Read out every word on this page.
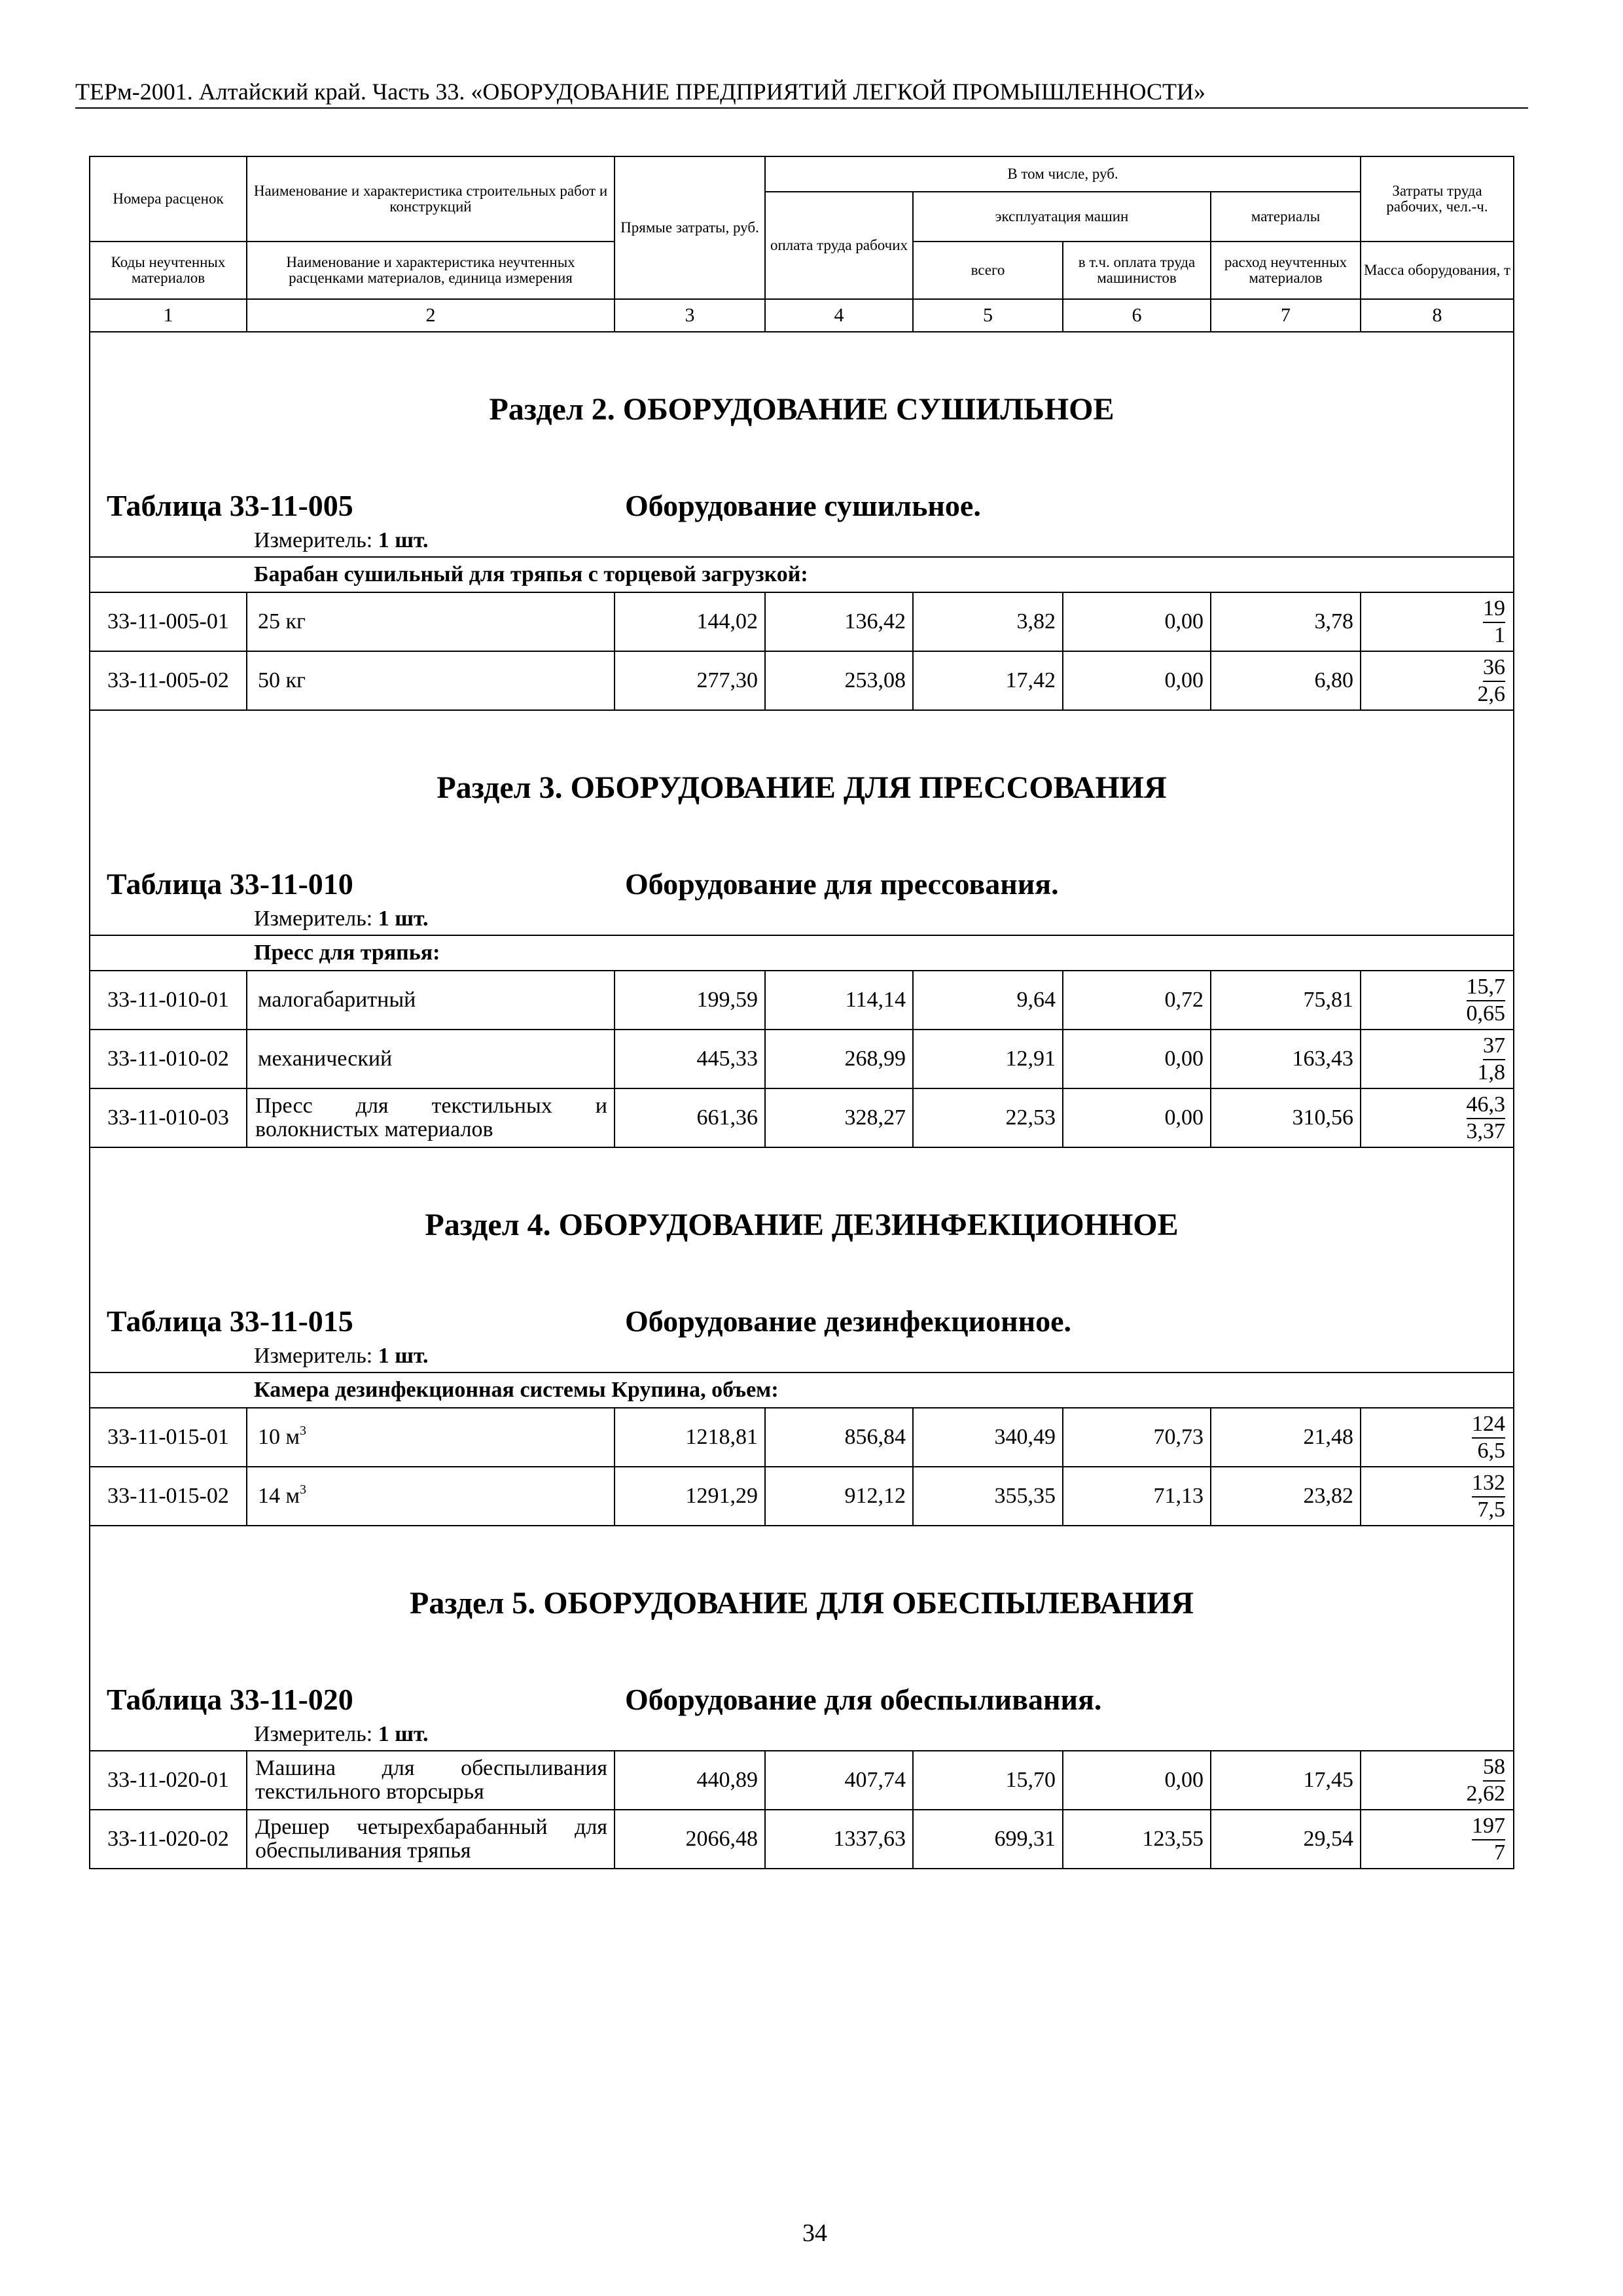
ТЕРм-2001. Алтайский край. Часть 33. «ОБОРУДОВАНИЕ ПРЕДПРИЯТИЙ ЛЕГКОЙ ПРОМЫШЛЕННОСТИ»
Номера расценок	Наименование и характеристика строительных работ и конструкций	Прямые затраты, руб.	В том числе, руб.				Затраты труда рабочих, чел.-ч.
			оплата труда рабочих	эксплуатация машин		материалы	

Коды неучтенных материалов	Наименование и характеристика неучтенных расценками материалов, единица измерения			всего	в т.ч. оплата труда машинистов	расход неучтенных материалов	Масса оборудования, т

1	2	3	4	5	6	7	8

Раздел 2. ОБОРУДОВАНИЕ СУШИЛЬНОЕ
Таблица 33-11-005 Оборудование сушильное.
Измеритель: 1 шт.							

Барабан сушильный для тряпья с торцевой загрузкой:							
33-11-005-01	25 кг	144,02	136,42	3,82	0,00	3,78	19
1

33-11-005-02	50 кг	277,30	253,08	17,42	0,00	6,80	36
2,6

Раздел 3. ОБОРУДОВАНИЕ ДЛЯ ПРЕССОВАНИЯ
Таблица 33-11-010 Оборудование для прессования.
Измеритель: 1 шт.							

Пресс для тряпья:							
33-11-010-01	малогабаритный	199,59	114,14	9,64	0,72	75,81	15,7
0,65

33-11-010-02	механический	445,33	268,99	12,91	0,00	163,43	37
1,8

33-11-010-03	Пресс для текстильных и волокнистых материалов	661,36	328,27	22,53	0,00	310,56	46,3
3,37

Раздел 4. ОБОРУДОВАНИЕ ДЕЗИНФЕКЦИОННОЕ
Таблица 33-11-015 Оборудование дезинфекционное.
Измеритель: 1 шт.							

Камера дезинфекционная системы Крупина, объем:							
33-11-015-01	10 $м^3$	1218,81	856,84	340,49	70,73	21,48	124
6,5

33-11-015-02	14 $м^3$	1291,29	912,12	355,35	71,13	23,82	132
7,5

Раздел 5. ОБОРУДОВАНИЕ ДЛЯ ОБЕСПЫЛЕВАНИЯ
Таблица 33-11-020 Оборудование для обеспыливания.
Измеритель: 1 шт.							

33-11-020-01	Машина для обеспыливания текстильного вторсырья	440,89	407,74	15,70	0,00	17,45	58
2,62

33-11-020-02	Дрешер четырехбарабанный для обеспыливания тряпья	2066,48	1337,63	699,31	123,55	29,54	197
7
34
